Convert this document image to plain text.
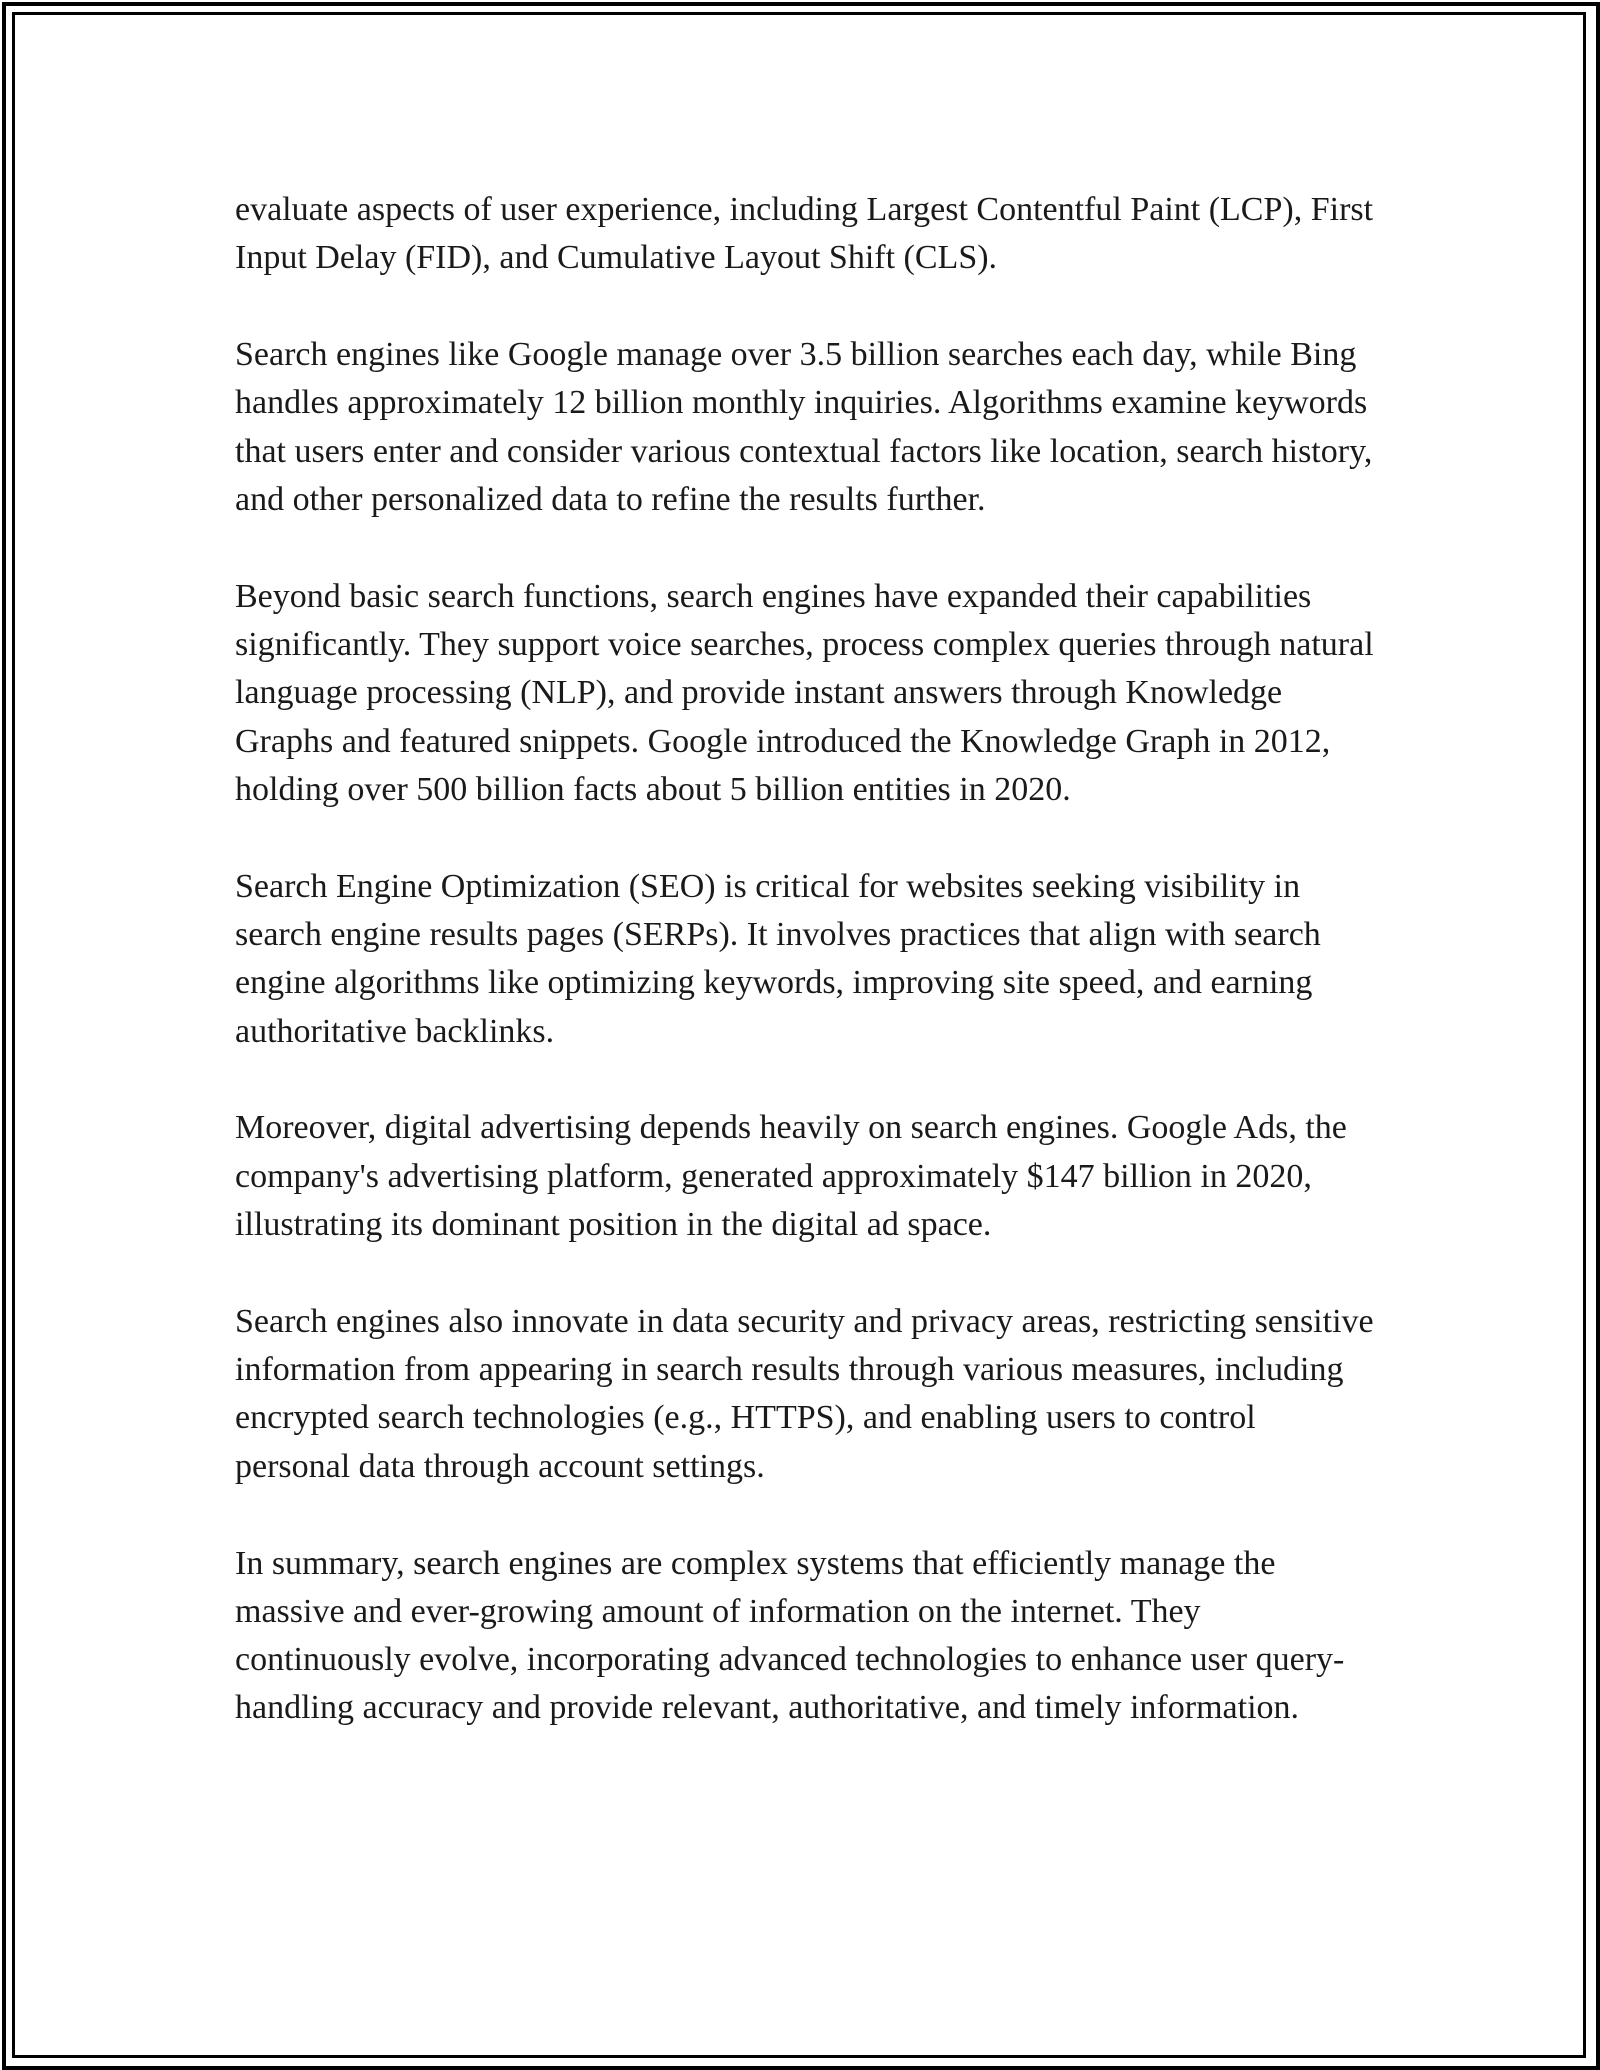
evaluate aspects of user experience, including Largest Contentful Paint (LCP), First Input Delay (FID), and Cumulative Layout Shift (CLS).

Search engines like Google manage over 3.5 billion searches each day, while Bing handles approximately 12 billion monthly inquiries. Algorithms examine keywords that users enter and consider various contextual factors like location, search history, and other personalized data to refine the results further.

Beyond basic search functions, search engines have expanded their capabilities significantly. They support voice searches, process complex queries through natural language processing (NLP), and provide instant answers through Knowledge Graphs and featured snippets. Google introduced the Knowledge Graph in 2012, holding over 500 billion facts about 5 billion entities in 2020.

Search Engine Optimization (SEO) is critical for websites seeking visibility in search engine results pages (SERPs). It involves practices that align with search engine algorithms like optimizing keywords, improving site speed, and earning authoritative backlinks.

Moreover, digital advertising depends heavily on search engines. Google Ads, the company's advertising platform, generated approximately $147 billion in 2020, illustrating its dominant position in the digital ad space.

Search engines also innovate in data security and privacy areas, restricting sensitive information from appearing in search results through various measures, including encrypted search technologies (e.g., HTTPS), and enabling users to control personal data through account settings.

In summary, search engines are complex systems that efficiently manage the massive and ever-growing amount of information on the internet. They continuously evolve, incorporating advanced technologies to enhance user query-handling accuracy and provide relevant, authoritative, and timely information.
